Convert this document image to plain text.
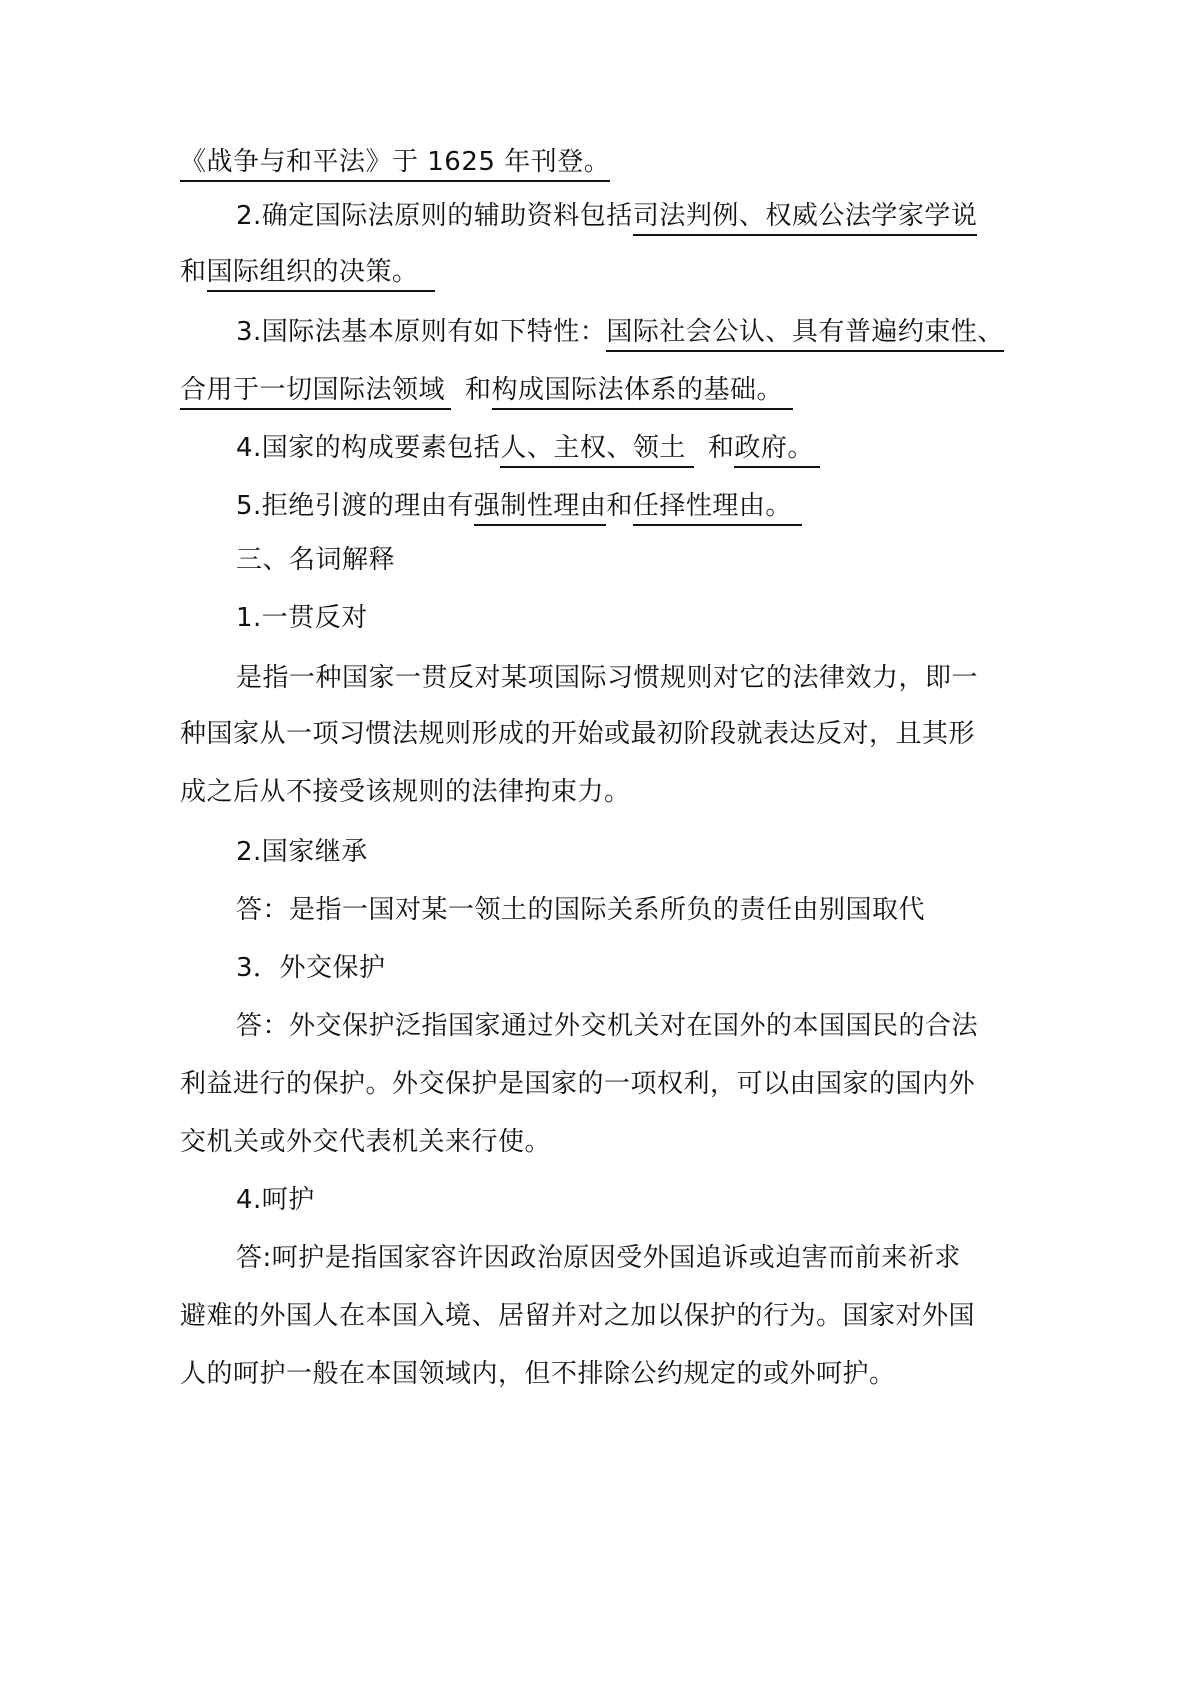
《战争与和平法》于 1625 年刊登。
2.确定国际法原则的辅助资料包括司法判例、权威公法学家学说
和国际组织的决策。
3.国际法基本原则有如下特性：国际社会公认、具有普遍约束性、
合用于一切国际法领域 和构成国际法体系的基础。
4.国家的构成要素包括人、主权、领土 和政府。
5.拒绝引渡的理由有强制性理由和任择性理由。
三、名词解释
1.一贯反对
是指一种国家一贯反对某项国际习惯规则对它的法律效力，即一
种国家从一项习惯法规则形成的开始或最初阶段就表达反对，且其形
成之后从不接受该规则的法律拘束力。
2.国家继承
答：是指一国对某一领土的国际关系所负的责任由别国取代
3．外交保护
答：外交保护泛指国家通过外交机关对在国外的本国国民的合法
利益进行的保护。外交保护是国家的一项权利，可以由国家的国内外
交机关或外交代表机关来行使。
4.呵护
答:呵护是指国家容许因政治原因受外国追诉或迫害而前来祈求
避难的外国人在本国入境、居留并对之加以保护的行为。国家对外国
人的呵护一般在本国领域内，但不排除公约规定的或外呵护。
